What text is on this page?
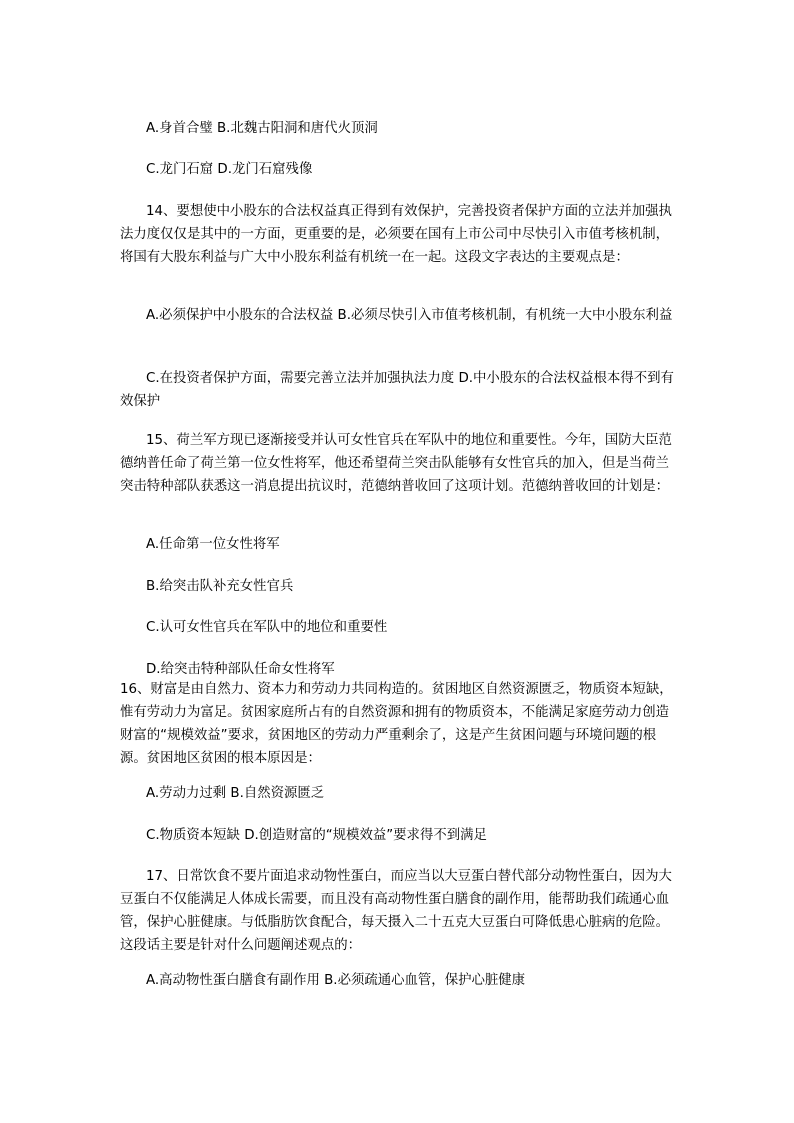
A.身首合璧 B.北魏古阳洞和唐代火顶洞

C.龙门石窟 D.龙门石窟残像

14、要想使中小股东的合法权益真正得到有效保护，完善投资者保护方面的立法并加强执法力度仅仅是其中的一方面，更重要的是，必须要在国有上市公司中尽快引入市值考核机制，将国有大股东利益与广大中小股东利益有机统一在一起。这段文字表达的主要观点是：

A.必须保护中小股东的合法权益 B.必须尽快引入市值考核机制，有机统一大中小股东利益

C.在投资者保护方面，需要完善立法并加强执法力度 D.中小股东的合法权益根本得不到有效保护

15、荷兰军方现已逐渐接受并认可女性官兵在军队中的地位和重要性。今年，国防大臣范德纳普任命了荷兰第一位女性将军，他还希望荷兰突击队能够有女性官兵的加入，但是当荷兰突击特种部队获悉这一消息提出抗议时，范德纳普收回了这项计划。范德纳普收回的计划是：

A.任命第一位女性将军

B.给突击队补充女性官兵

C.认可女性官兵在军队中的地位和重要性

D.给突击特种部队任命女性将军

16、财富是由自然力、资本力和劳动力共同构造的。贫困地区自然资源匮乏，物质资本短缺，惟有劳动力为富足。贫困家庭所占有的自然资源和拥有的物质资本，不能满足家庭劳动力创造财富的“规模效益”要求，贫困地区的劳动力严重剩余了，这是产生贫困问题与环境问题的根源。贫困地区贫困的根本原因是：

A.劳动力过剩 B.自然资源匮乏

C.物质资本短缺 D.创造财富的“规模效益”要求得不到满足

17、日常饮食不要片面追求动物性蛋白，而应当以大豆蛋白替代部分动物性蛋白，因为大豆蛋白不仅能满足人体成长需要，而且没有高动物性蛋白膳食的副作用，能帮助我们疏通心血管，保护心脏健康。与低脂肪饮食配合，每天摄入二十五克大豆蛋白可降低患心脏病的危险。这段话主要是针对什么问题阐述观点的：

A.高动物性蛋白膳食有副作用 B.必须疏通心血管，保护心脏健康
